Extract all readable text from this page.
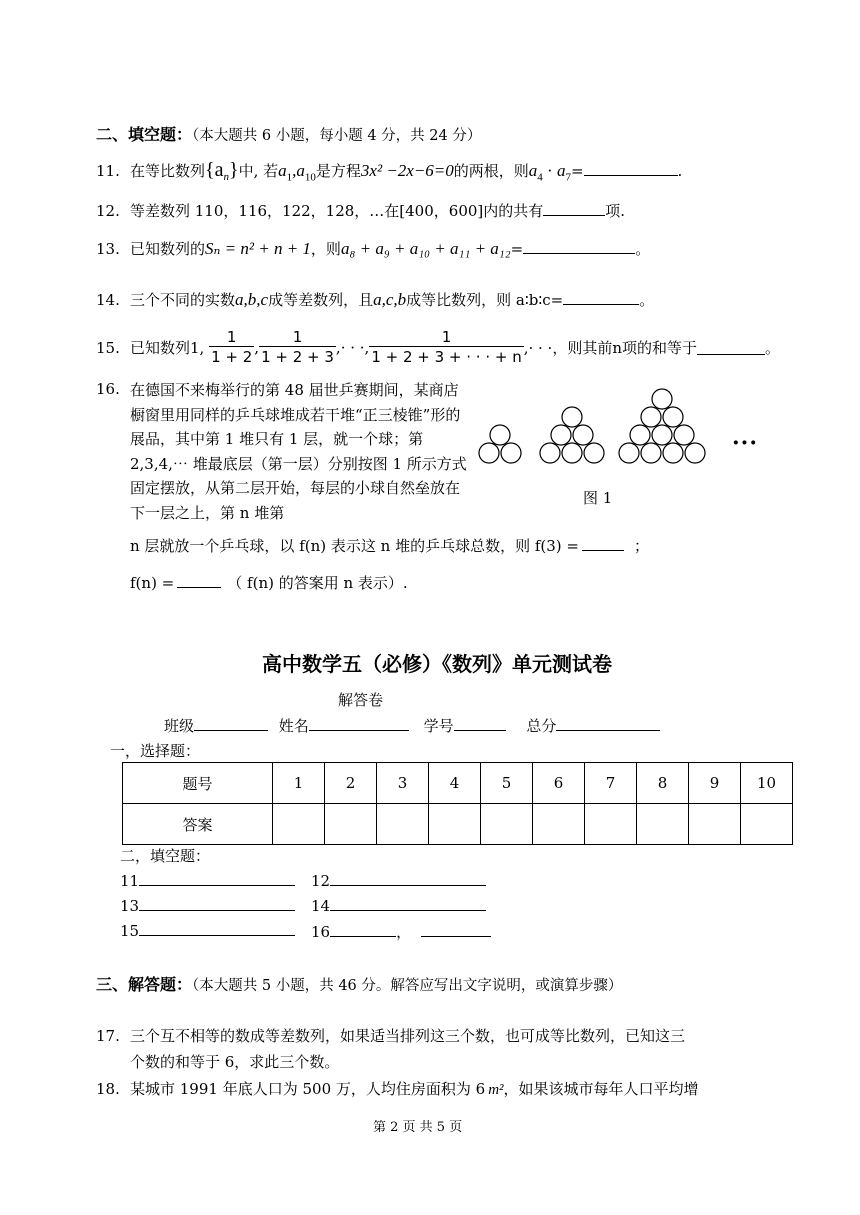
二、填空题：（本大题共 6 小题，每小题 4 分，共 24 分）
11. 在等比数列$\{a_n\}$中, 若$a_1,a_{10}$是方程3x² −2x−6=0的两根，则$a_4 \cdot a_7=$	.
12. 等差数列 110，116，122，128，…在[400，600]内的共有	项.
13. 已知数列的Sₙ = n² + n + 1，则a₈ + a₉ + a₁₀ + a₁₁ + a₁₂=	。
14. 三个不同的实数a,b,c成等差数列，且a,c,b成等比数列，则 a∶b∶c=	。
15. 已知数列1, $\frac{1}{1 + 2}$ , $\frac{1}{1 + 2 + 3}$ ,· · ·, $\frac{1}{1 + 2 + 3 + \cdot \cdot \cdot + n}$ ,· · ·，则其前n项的和等于	。
16. 在德国不来梅举行的第 48 届世乒赛期间，某商店橱窗里用同样的乒乓球堆成若干堆“正三棱锥”形的展品，其中第 1 堆只有 1 层，就一个球；第 2,3,4,⋯ 堆最底层（第一层）分别按图 1 所示方式固定摆放，从第二层开始，每层的小球自然垒放在下一层之上，第 n 堆第
···
图 1
n 层就放一个乒乓球，以 f(n) 表示这 n 堆的乒乓球总数，则 f(3) =	；
f(n) =	（ f(n) 的答案用 n 表示）.
高中数学五（必修）《数列》单元测试卷
解答卷
班级	姓名	学号	总分
一，选择题：
题号	1	2	3	4	5	6	7	8	9	10
答案										
二，填空题：
11	12
13	14
15	16	，
三、解答题：（本大题共 5 小题，共 46 分。解答应写出文字说明，或演算步骤）
17. 三个互不相等的数成等差数列，如果适当排列这三个数，也可成等比数列，已知这三
个数的和等于 6，求此三个数。
18. 某城市 1991 年底人口为 500 万，人均住房面积为 6 m²，如果该城市每年人口平均增
第 2 页 共 5 页
